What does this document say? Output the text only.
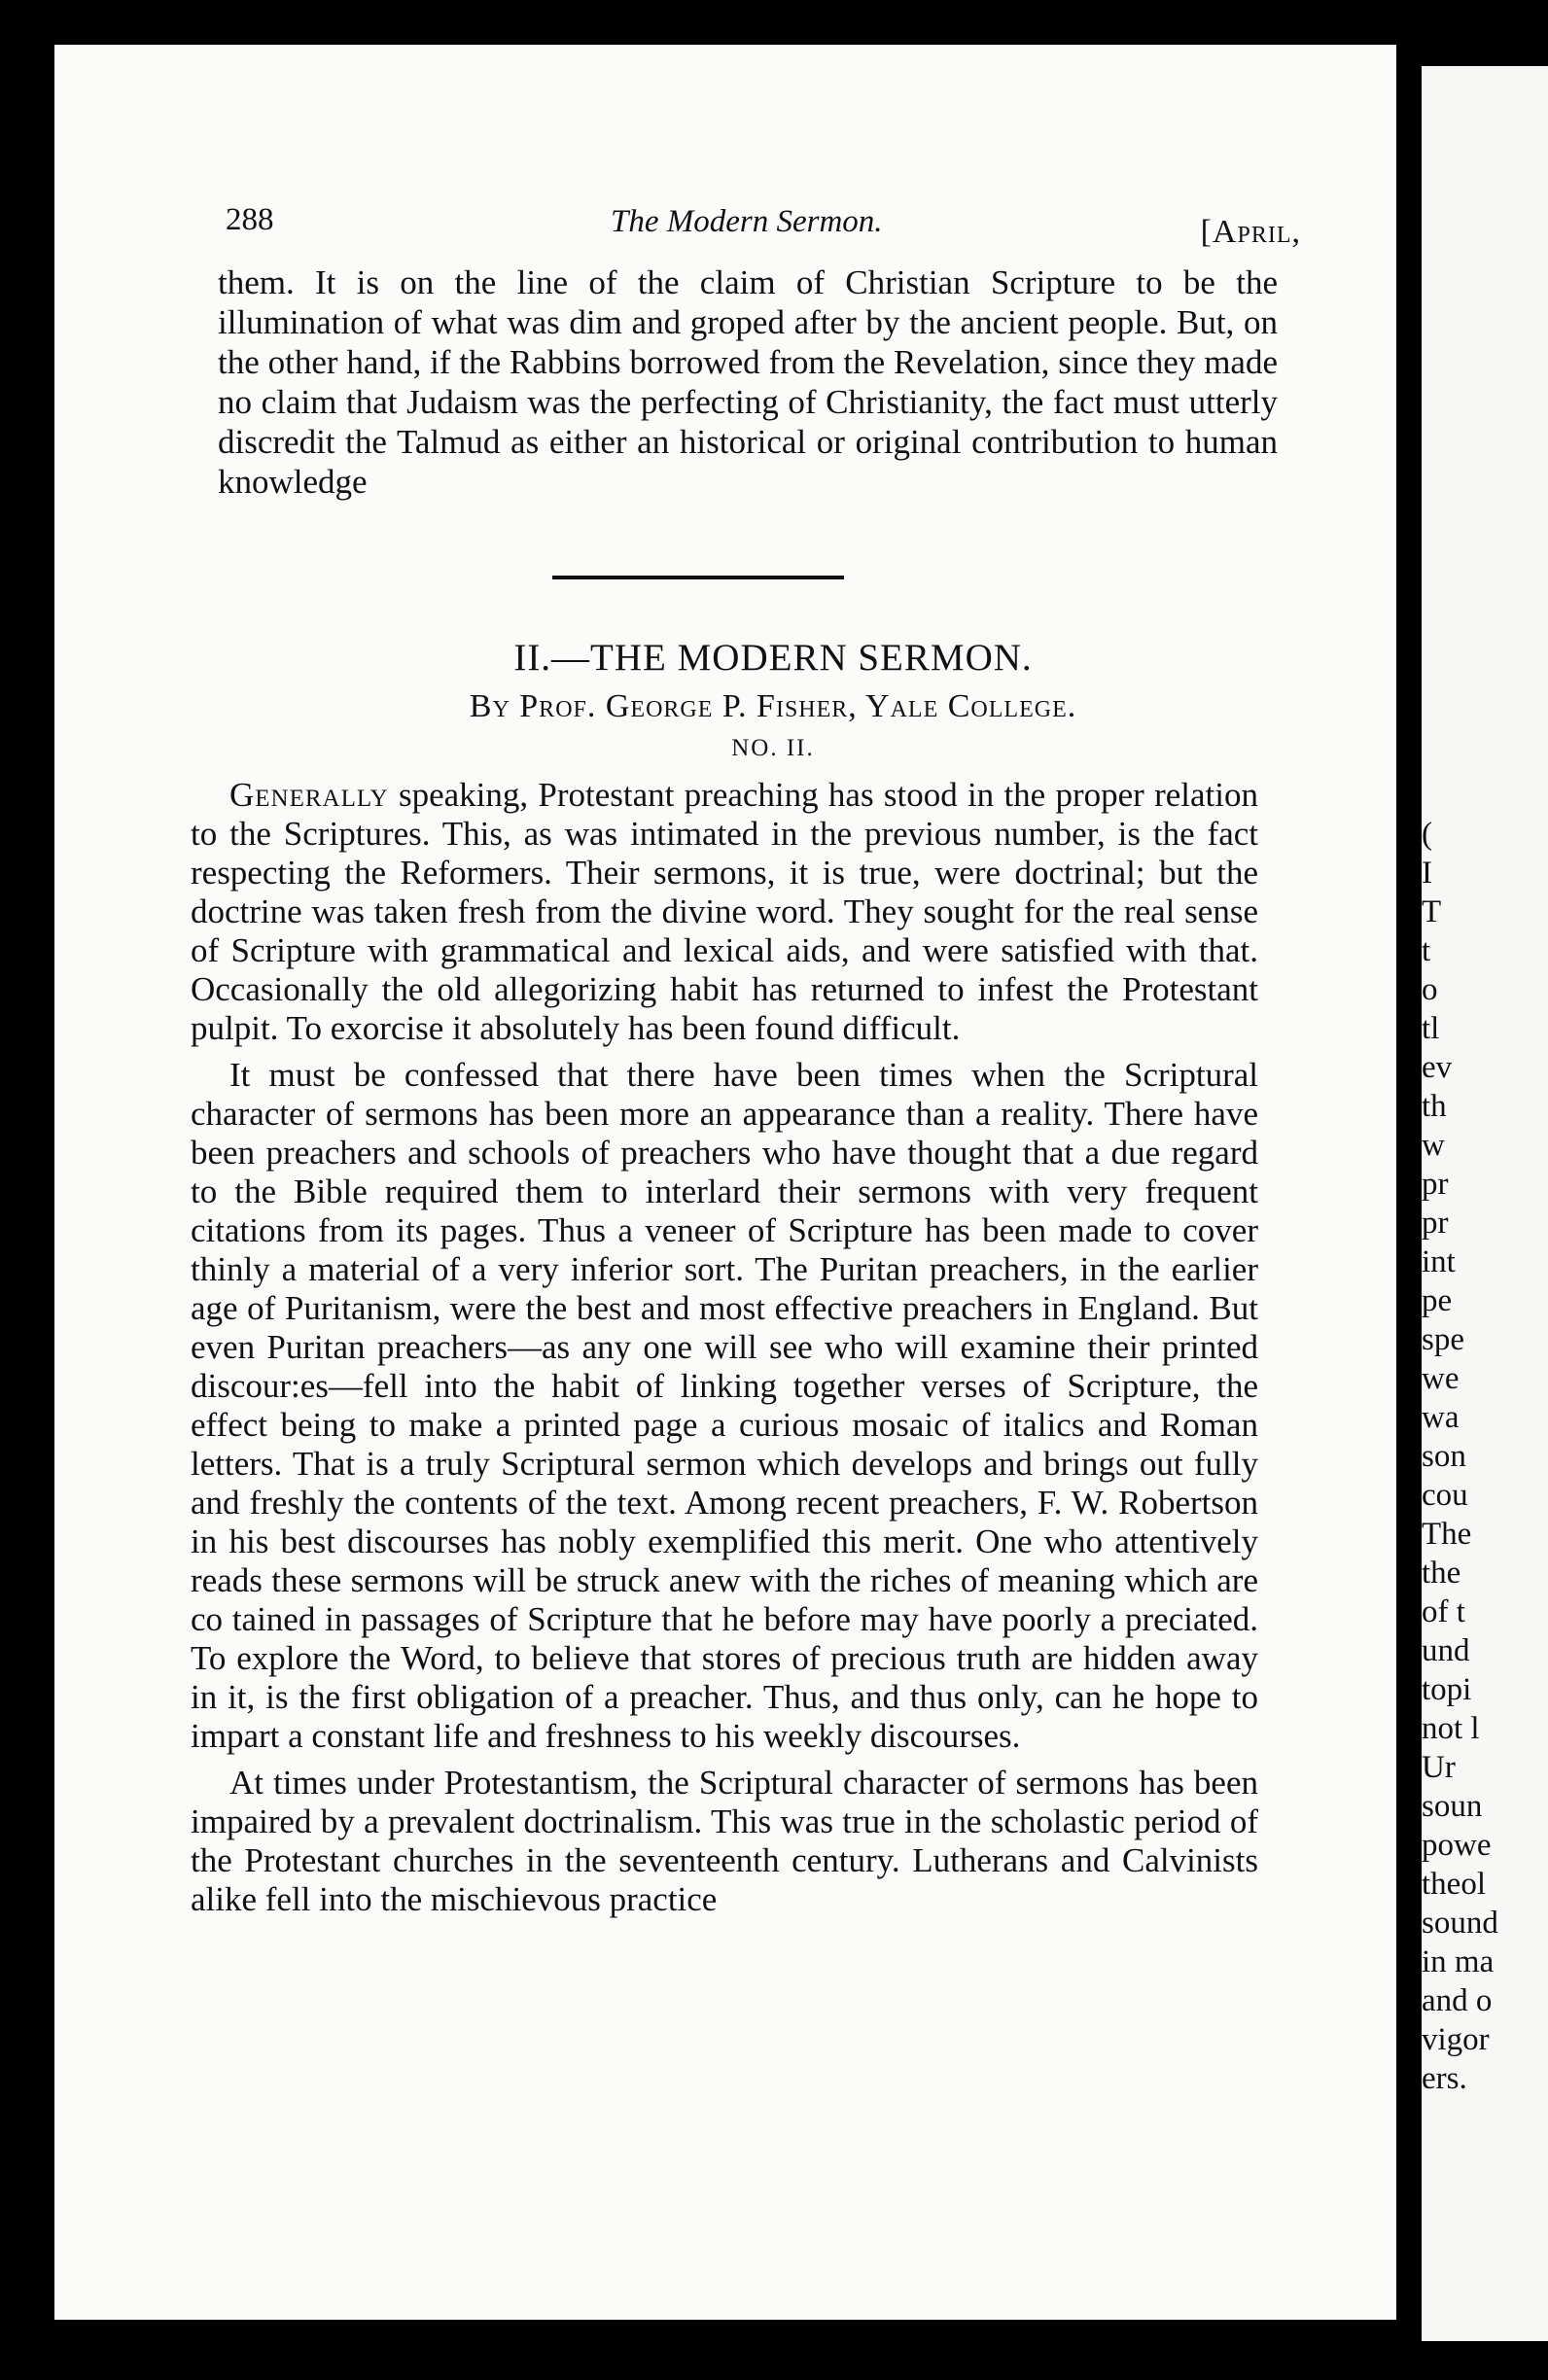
(
I
T
t
o
tl
ev
th
w
pr
pr
int
pe
spe
we
wa
son
cou
The
the
of t
und
topi
not l
Ur
soun
powe
theol
sound
in ma
and o
vigor
ers.
288	The Modern Sermon.	[April,
them. It is on the line of the claim of Christian Scripture to be the illumination of what was dim and groped after by the ancient people. But, on the other hand, if the Rabbins borrowed from the Revelation, since they made no claim that Judaism was the perfecting of Christianity, the fact must utterly discredit the Talmud as either an historical or original contribution to human knowledge
II.—THE MODERN SERMON.
By Prof. George P. Fisher, Yale College.
NO. II.

Generally speaking, Protestant preaching has stood in the proper relation to the Scriptures. This, as was intimated in the previous number, is the fact respecting the Reformers. Their sermons, it is true, were doctrinal; but the doctrine was taken fresh from the divine word. They sought for the real sense of Scripture with grammatical and lexical aids, and were satisfied with that. Occasionally the old allegorizing habit has returned to infest the Protestant pulpit. To exorcise it absolutely has been found difficult.

It must be confessed that there have been times when the Scriptural character of sermons has been more an appearance than a reality. There have been preachers and schools of preachers who have thought that a due regard to the Bible required them to interlard their sermons with very frequent citations from its pages. Thus a veneer of Scripture has been made to cover thinly a material of a very inferior sort. The Puritan preachers, in the earlier age of Puritanism, were the best and most effective preachers in England. But even Puritan preachers—as any one will see who will examine their printed discour:es—fell into the habit of linking together verses of Scripture, the effect being to make a printed page a curious mosaic of italics and Roman letters. That is a truly Scriptural sermon which develops and brings out fully and freshly the contents of the text. Among recent preachers, F. W. Robertson in his best discourses has nobly exemplified this merit. One who attentively reads these sermons will be struck anew with the riches of meaning which are co tained in passages of Scripture that he before may have poorly a preciated. To explore the Word, to believe that stores of precious truth are hidden away in it, is the first obligation of a preacher. Thus, and thus only, can he hope to impart a constant life and freshness to his weekly discourses.

At times under Protestantism, the Scriptural character of sermons has been impaired by a prevalent doctrinalism. This was true in the scholastic period of the Protestant churches in the seventeenth century. Lutherans and Calvinists alike fell into the mischievous practice
